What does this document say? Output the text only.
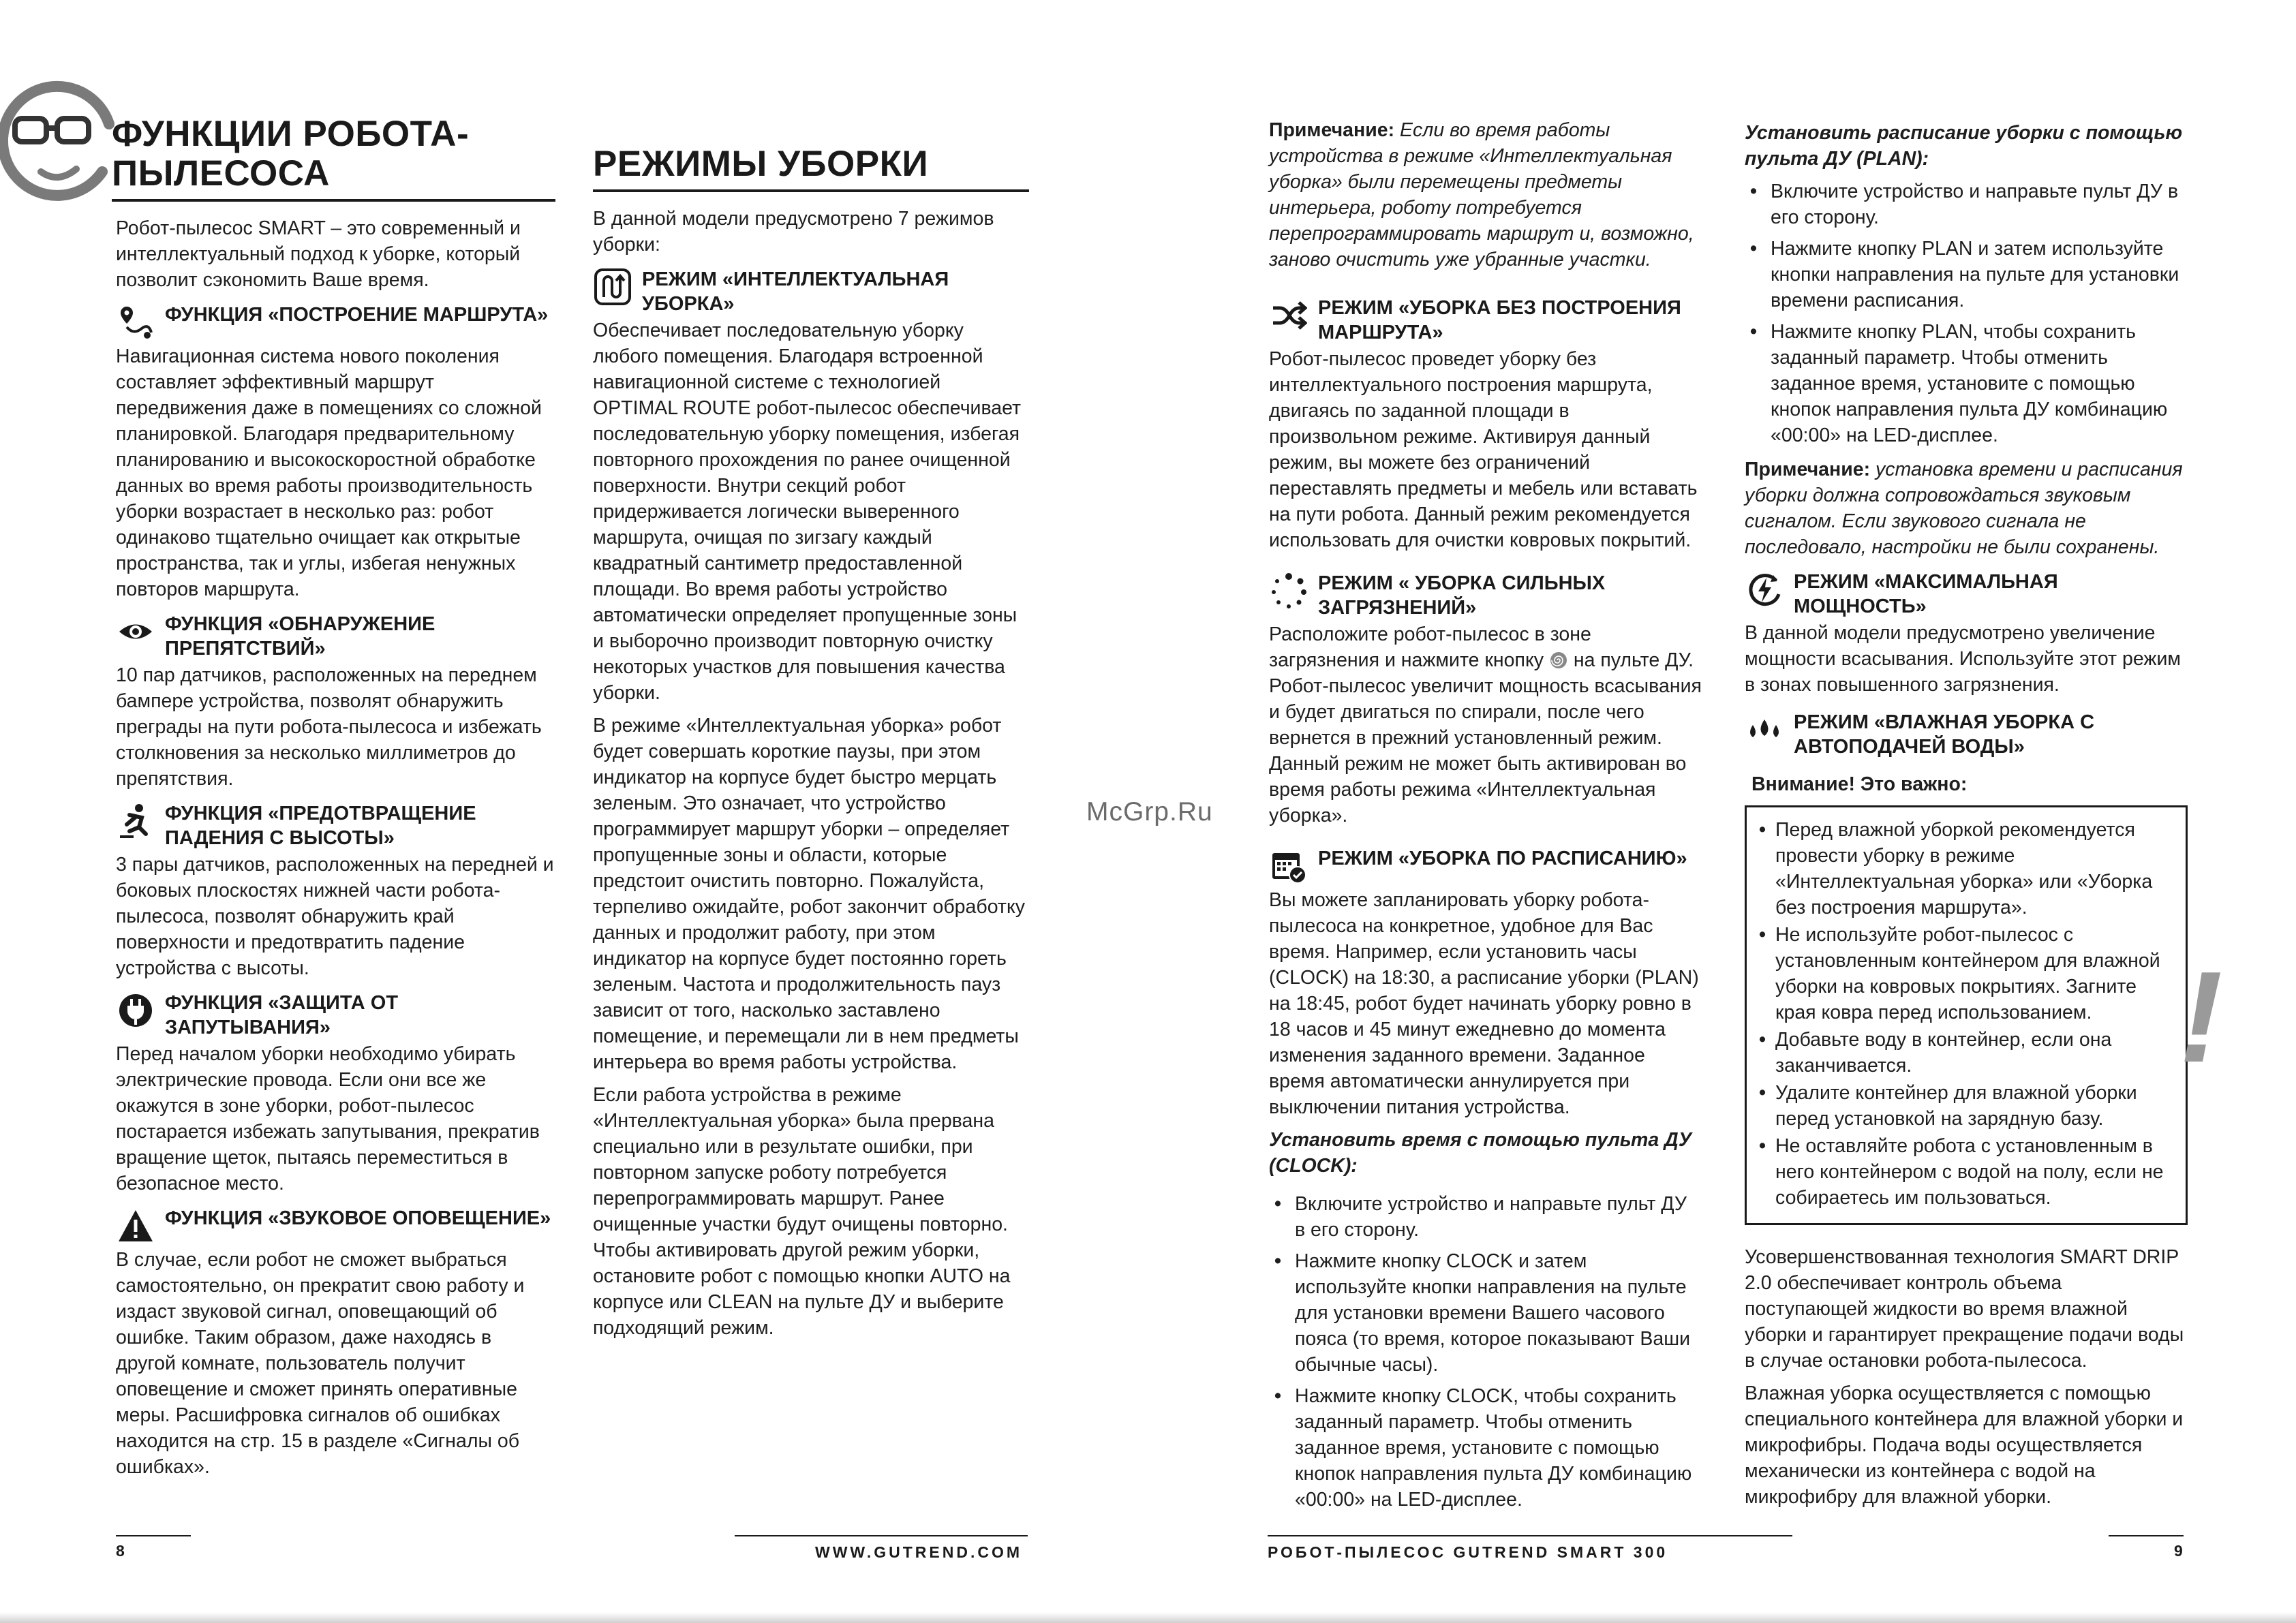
ФУНКЦИИ РОБОТА-
ПЫЛЕСОСА

Робот-пылесос SMART – это современный и интеллектуальный подход к уборке, который позволит сэкономить Ваше время.

ФУНКЦИЯ «ПОСТРОЕНИЕ МАРШРУТА»

Навигационная система нового поколения составляет эффективный маршрут передвижения даже в помещениях со сложной планировкой. Благодаря предварительному планированию и высокоскоростной обработке данных во время работы производительность уборки возрастает в несколько раз: робот одинаково тщательно очищает как открытые пространства, так и углы, избегая ненужных повторов маршрута.

ФУНКЦИЯ «ОБНАРУЖЕНИЕ ПРЕПЯТСТВИЙ»

10 пар датчиков, расположенных на переднем бампере устройства, позволят обнаружить преграды на пути робота-пылесоса и избежать столкновения за несколько миллиметров до препятствия.

ФУНКЦИЯ «ПРЕДОТВРАЩЕНИЕ ПАДЕНИЯ С ВЫСОТЫ»

3 пары датчиков, расположенных на передней и боковых плоскостях нижней части робота-пылесоса, позволят обнаружить край поверхности и предотвратить падение устройства с высоты.

ФУНКЦИЯ «ЗАЩИТА ОТ ЗАПУТЫВАНИЯ»

Перед началом уборки необходимо убирать электрические провода. Если они все же окажутся в зоне уборки, робот-пылесос постарается избежать запутывания, прекратив вращение щеток, пытаясь переместиться в безопасное место.

ФУНКЦИЯ «ЗВУКОВОЕ ОПОВЕЩЕНИЕ»

В случае, если робот не сможет выбраться самостоятельно, он прекратит свою работу и издаст звуковой сигнал, оповещающий об ошибке. Таким образом, даже находясь в другой комнате, пользователь получит оповещение и сможет принять оперативные меры. Расшифровка сигналов об ошибках находится на стр. 15 в разделе «Сигналы об ошибках».

РЕЖИМЫ УБОРКИ

В данной модели предусмотрено 7 режимов уборки:

РЕЖИМ «ИНТЕЛЛЕКТУАЛЬНАЯ УБОРКА»

Обеспечивает последовательную уборку любого помещения. Благодаря встроенной навигационной системе с технологией OPTIMAL ROUTE робот-пылесос обеспечивает последовательную уборку помещения, избегая повторного прохождения по ранее очищенной поверхности. Внутри секций робот придерживается логически выверенного маршрута, очищая по зигзагу каждый квадратный сантиметр предоставленной площади. Во время работы устройство автоматически определяет пропущенные зоны и выборочно производит повторную очистку некоторых участков для повышения качества уборки.

В режиме «Интеллектуальная уборка» робот будет совершать короткие паузы, при этом индикатор на корпусе будет быстро мерцать зеленым. Это означает, что устройство программирует маршрут уборки – определяет пропущенные зоны и области, которые предстоит очистить повторно. Пожалуйста, терпеливо ожидайте, робот закончит обработку данных и продолжит работу, при этом индикатор на корпусе будет постоянно гореть зеленым. Частота и продолжительность пауз зависит от того, насколько заставлено помещение, и перемещали ли в нем предметы интерьера во время работы устройства.

Если работа устройства в режиме «Интеллектуальная уборка» была прервана специально или в результате ошибки, при повторном запуске роботу потребуется перепрограммировать маршрут. Ранее очищенные участки будут очищены повторно. Чтобы активировать другой режим уборки, остановите робот с помощью кнопки AUTO на корпусе или CLEAN на пульте ДУ и выберите подходящий режим.

8	WWW.GUTREND.COM

Примечание: Если во время работы устройства в режиме «Интеллектуальная уборка» были перемещены предметы интерьера, роботу потребуется перепрограммировать маршрут и, возможно, заново очистить уже убранные участки.

РЕЖИМ «УБОРКА БЕЗ ПОСТРОЕНИЯ МАРШРУТА»

Робот-пылесос проведет уборку без интеллектуального построения маршрута, двигаясь по заданной площади в произвольном режиме. Активируя данный режим, вы можете без ограничений переставлять предметы и мебель или вставать на пути робота. Данный режим рекомендуется использовать для очистки ковровых покрытий.

РЕЖИМ « УБОРКА СИЛЬНЫХ ЗАГРЯЗНЕНИЙ»

Расположите робот-пылесос в зоне загрязнения и нажмите кнопку  на пульте ДУ. Робот-пылесос увеличит мощность всасывания и будет двигаться по спирали, после чего вернется в прежний установленный режим. Данный режим не может быть активирован во время работы режима «Интеллектуальная уборка».

РЕЖИМ «УБОРКА ПО РАСПИСАНИЮ»

Вы можете запланировать уборку робота-пылесоса на конкретное, удобное для Вас время. Например, если установить часы (CLOCK) на 18:30, а расписание уборки (PLAN) на 18:45, робот будет начинать уборку ровно в 18 часов и 45 минут ежедневно до момента изменения заданного времени. Заданное время автоматически аннулируется при выключении питания устройства.

Установить время с помощью пульта ДУ (CLOCK):

• Включите устройство и направьте пульт ДУ в его сторону.
• Нажмите кнопку CLOCK и затем используйте кнопки направления на пульте для установки времени Вашего часового пояса (то время, которое показывают Ваши обычные часы).
• Нажмите кнопку CLOCK, чтобы сохранить заданный параметр. Чтобы отменить заданное время, установите с помощью кнопок направления пульта ДУ комбинацию «00:00» на LED-дисплее.

Установить расписание уборки с помощью пульта ДУ (PLAN):

• Включите устройство и направьте пульт ДУ в его сторону.
• Нажмите кнопку PLAN и затем используйте кнопки направления на пульте для установки времени расписания.
• Нажмите кнопку PLAN, чтобы сохранить заданный параметр. Чтобы отменить заданное время, установите с помощью кнопок направления пульта ДУ комбинацию «00:00» на LED-дисплее.

Примечание: установка времени и расписания уборки должна сопровождаться звуковым сигналом. Если звукового сигнала не последовало, настройки не были сохранены.

РЕЖИМ «МАКСИМАЛЬНАЯ МОЩНОСТЬ»

В данной модели предусмотрено увеличение мощности всасывания. Используйте этот режим в зонах повышенного загрязнения.

РЕЖИМ «ВЛАЖНАЯ УБОРКА С АВТОПОДАЧЕЙ ВОДЫ»

Внимание! Это важно:

• Перед влажной уборкой рекомендуется провести уборку в режиме «Интеллектуальная уборка» или «Уборка без построения маршрута».
• Не используйте робот-пылесос с установленным контейнером для влажной уборки на ковровых покрытиях. Загните края ковра перед использованием.
• Добавьте воду в контейнер, если она заканчивается.
• Удалите контейнер для влажной уборки перед установкой на зарядную базу.
• Не оставляйте робота с установленным в него контейнером с водой на полу, если не собираетесь им пользоваться.

Усовершенствованная технология SMART DRIP 2.0 обеспечивает контроль объема поступающей жидкости во время влажной уборки и гарантирует прекращение подачи воды в случае остановки робота-пылесоса.

Влажная уборка осуществляется с помощью специального контейнера для влажной уборки и микрофибры. Подача воды осуществляется механически из контейнера с водой на микрофибру для влажной уборки.

РОБОТ-ПЫЛЕСОС GUTREND SMART 300	9
!
McGrp.Ru
